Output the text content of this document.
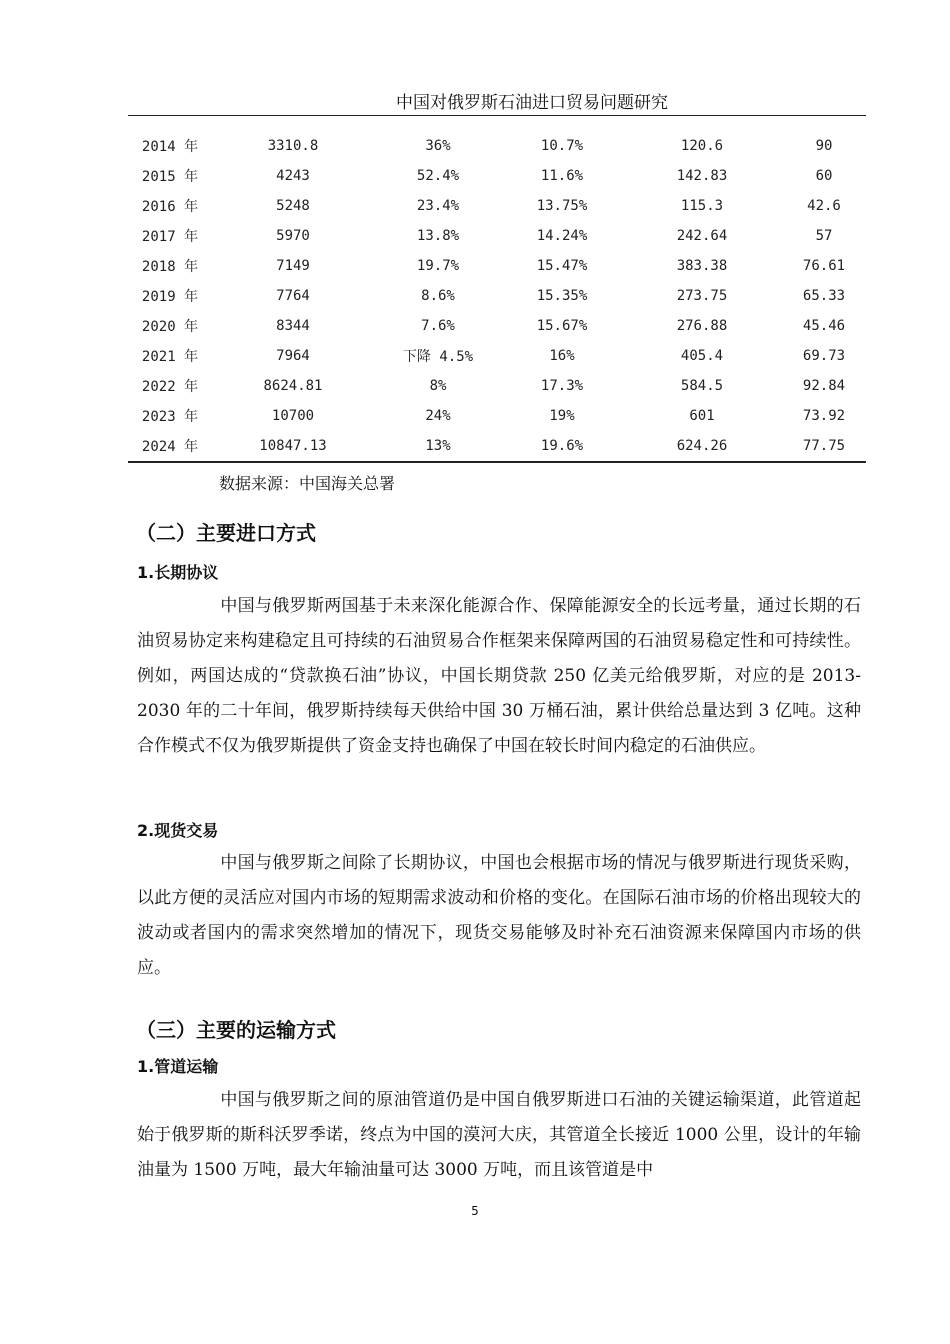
中国对俄罗斯石油进口贸易问题研究
2014 年	3310.8	36%	10.7%	120.6	90
2015 年	4243	52.4%	11.6%	142.83	60
2016 年	5248	23.4%	13.75%	115.3	42.6
2017 年	5970	13.8%	14.24%	242.64	57
2018 年	7149	19.7%	15.47%	383.38	76.61
2019 年	7764	8.6%	15.35%	273.75	65.33
2020 年	8344	7.6%	15.67%	276.88	45.46
2021 年	7964	下降 4.5%	16%	405.4	69.73
2022 年	8624.81	8%	17.3%	584.5	92.84
2023 年	10700	24%	19%	601	73.92
2024 年	10847.13	13%	19.6%	624.26	77.75
数据来源：中国海关总署
（二）主要进口方式
1.长期协议

中国与俄罗斯两国基于未来深化能源合作、保障能源安全的长远考量，通过长期的石油贸易协定来构建稳定且可持续的石油贸易合作框架来保障两国的石油贸易稳定性和可持续性。例如，两国达成的“贷款换石油”协议，中国长期贷款 250 亿美元给俄罗斯，对应的是 2013-2030 年的二十年间，俄罗斯持续每天供给中国 30 万桶石油，累计供给总量达到 3 亿吨。这种合作模式不仅为俄罗斯提供了资金支持也确保了中国在较长时间内稳定的石油供应。

2.现货交易

中国与俄罗斯之间除了长期协议，中国也会根据市场的情况与俄罗斯进行现货采购，以此方便的灵活应对国内市场的短期需求波动和价格的变化。在国际石油市场的价格出现较大的波动或者国内的需求突然增加的情况下，现货交易能够及时补充石油资源来保障国内市场的供应。

（三）主要的运输方式
1.管道运输

中国与俄罗斯之间的原油管道仍是中国自俄罗斯进口石油的关键运输渠道，此管道起始于俄罗斯的斯科沃罗季诺，终点为中国的漠河大庆，其管道全长接近 1000 公里，设计的年输油量为 1500 万吨，最大年输油量可达 3000 万吨，而且该管道是中

5
